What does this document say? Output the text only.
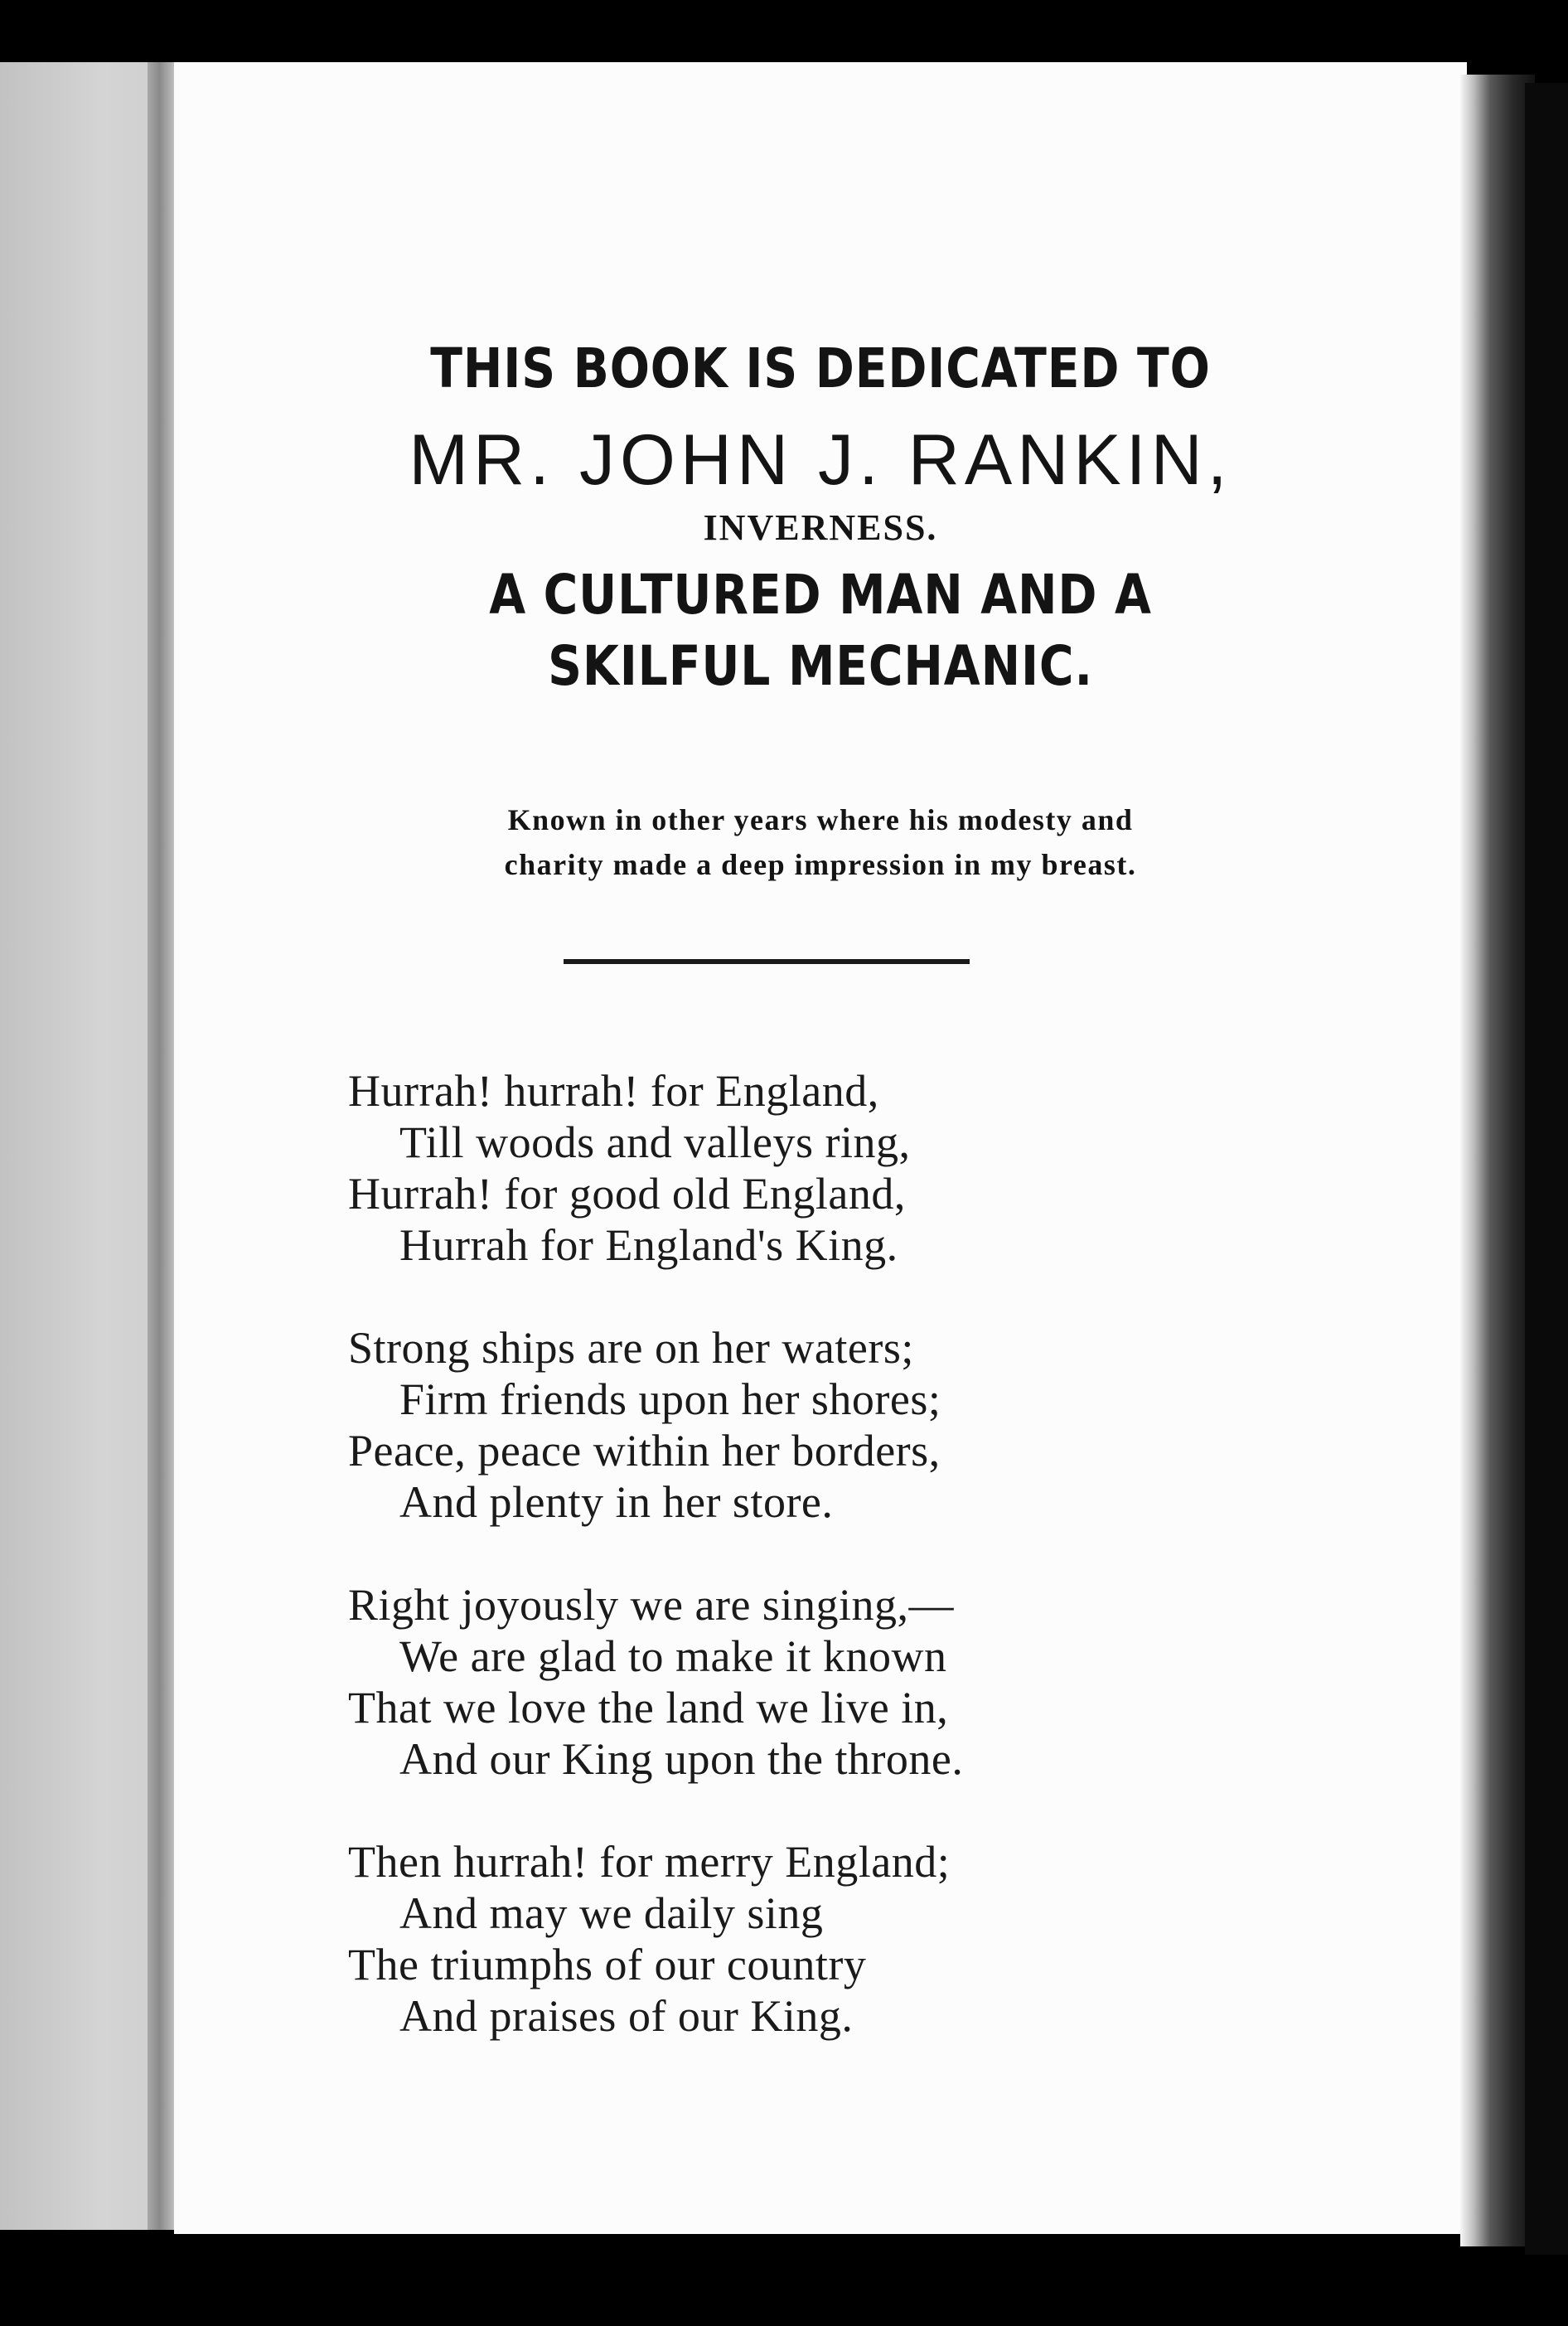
THIS BOOK IS DEDICATED TO
MR. JOHN J. RANKIN,
INVERNESS.
A CULTURED MAN AND A
SKILFUL MECHANIC.
Known in other years where his modesty and
charity made a deep impression in my breast.
Hurrah! hurrah! for England,
Till woods and valleys ring,
Hurrah! for good old England,
Hurrah for England's King.
Strong ships are on her waters;
Firm friends upon her shores;
Peace, peace within her borders,
And plenty in her store.
Right joyously we are singing,—
We are glad to make it known
That we love the land we live in,
And our King upon the throne.
Then hurrah! for merry England;
And may we daily sing
The triumphs of our country
And praises of our King.
